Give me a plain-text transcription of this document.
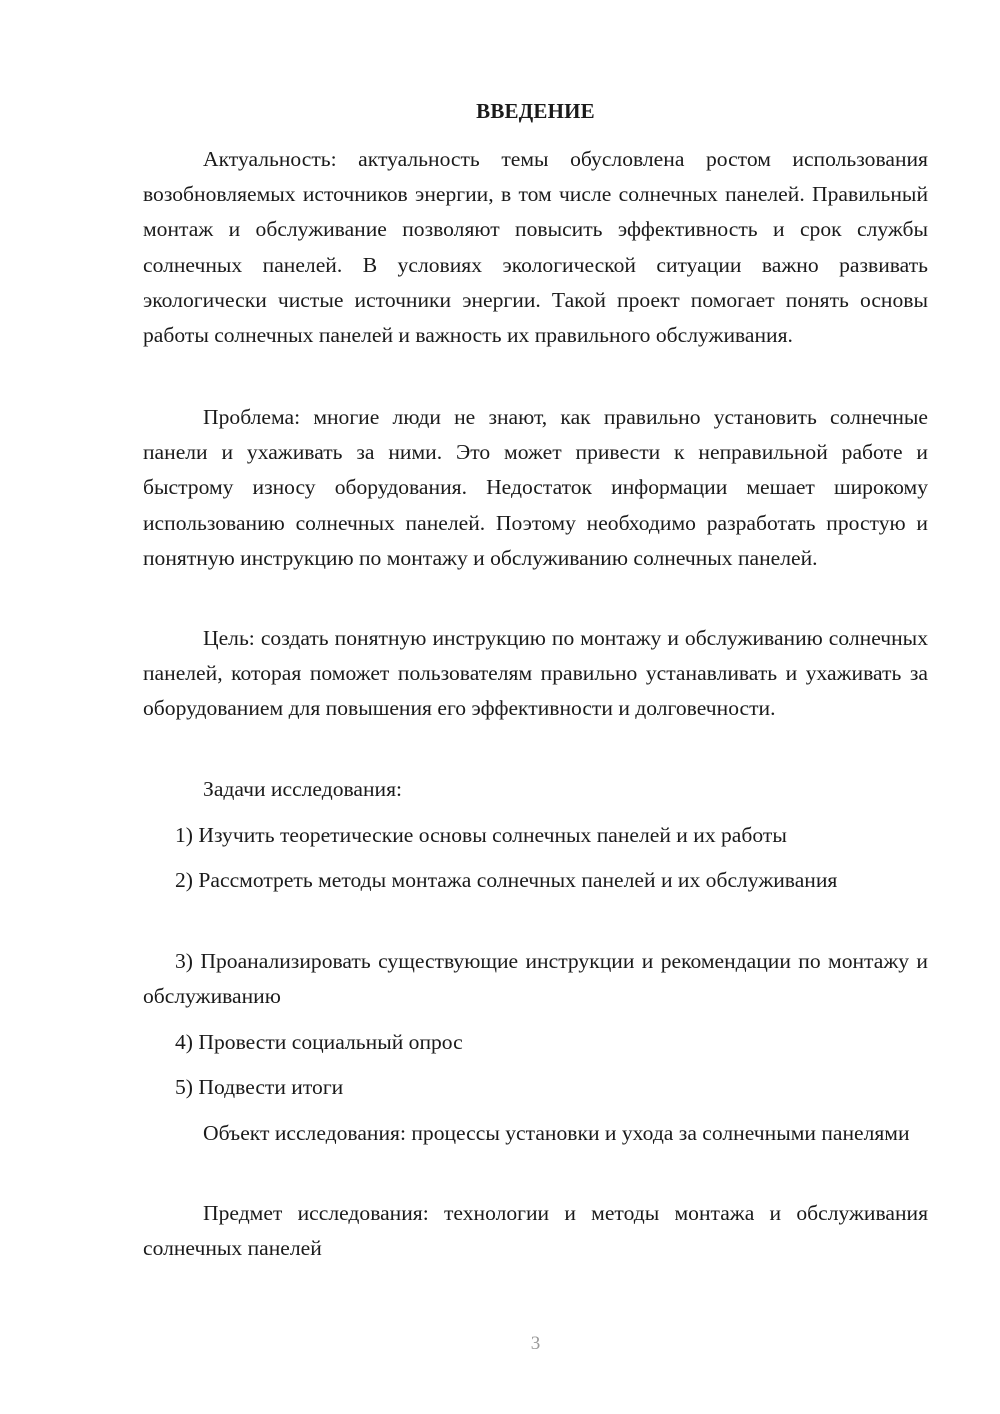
ВВЕДЕНИЕ

Актуальность: актуальность темы обусловлена ростом использования возобновляемых источников энергии, в том числе солнечных панелей. Правильный монтаж и обслуживание позволяют повысить эффективность и срок службы солнечных панелей. В условиях экологической ситуации важно развивать экологически чистые источники энергии. Такой проект помогает понять основы работы солнечных панелей и важность их правильного обслуживания.

Проблема: многие люди не знают, как правильно установить солнечные панели и ухаживать за ними. Это может привести к неправильной работе и быстрому износу оборудования. Недостаток информации мешает широкому использованию солнечных панелей. Поэтому необходимо разработать простую и понятную инструкцию по монтажу и обслуживанию солнечных панелей.

Цель: создать понятную инструкцию по монтажу и обслуживанию солнечных панелей, которая поможет пользователям правильно устанавливать и ухаживать за оборудованием для повышения его эффективности и долговечности.

Задачи исследования:

1) Изучить теоретические основы солнечных панелей и их работы

2) Рассмотреть методы монтажа солнечных панелей и их обслуживания

3) Проанализировать существующие инструкции и рекомендации по монтажу и обслуживанию

4) Провести социальный опрос

5) Подвести итоги

Объект исследования: процессы установки и ухода за солнечными панелями

Предмет исследования: технологии и методы монтажа и обслуживания солнечных панелей

3
